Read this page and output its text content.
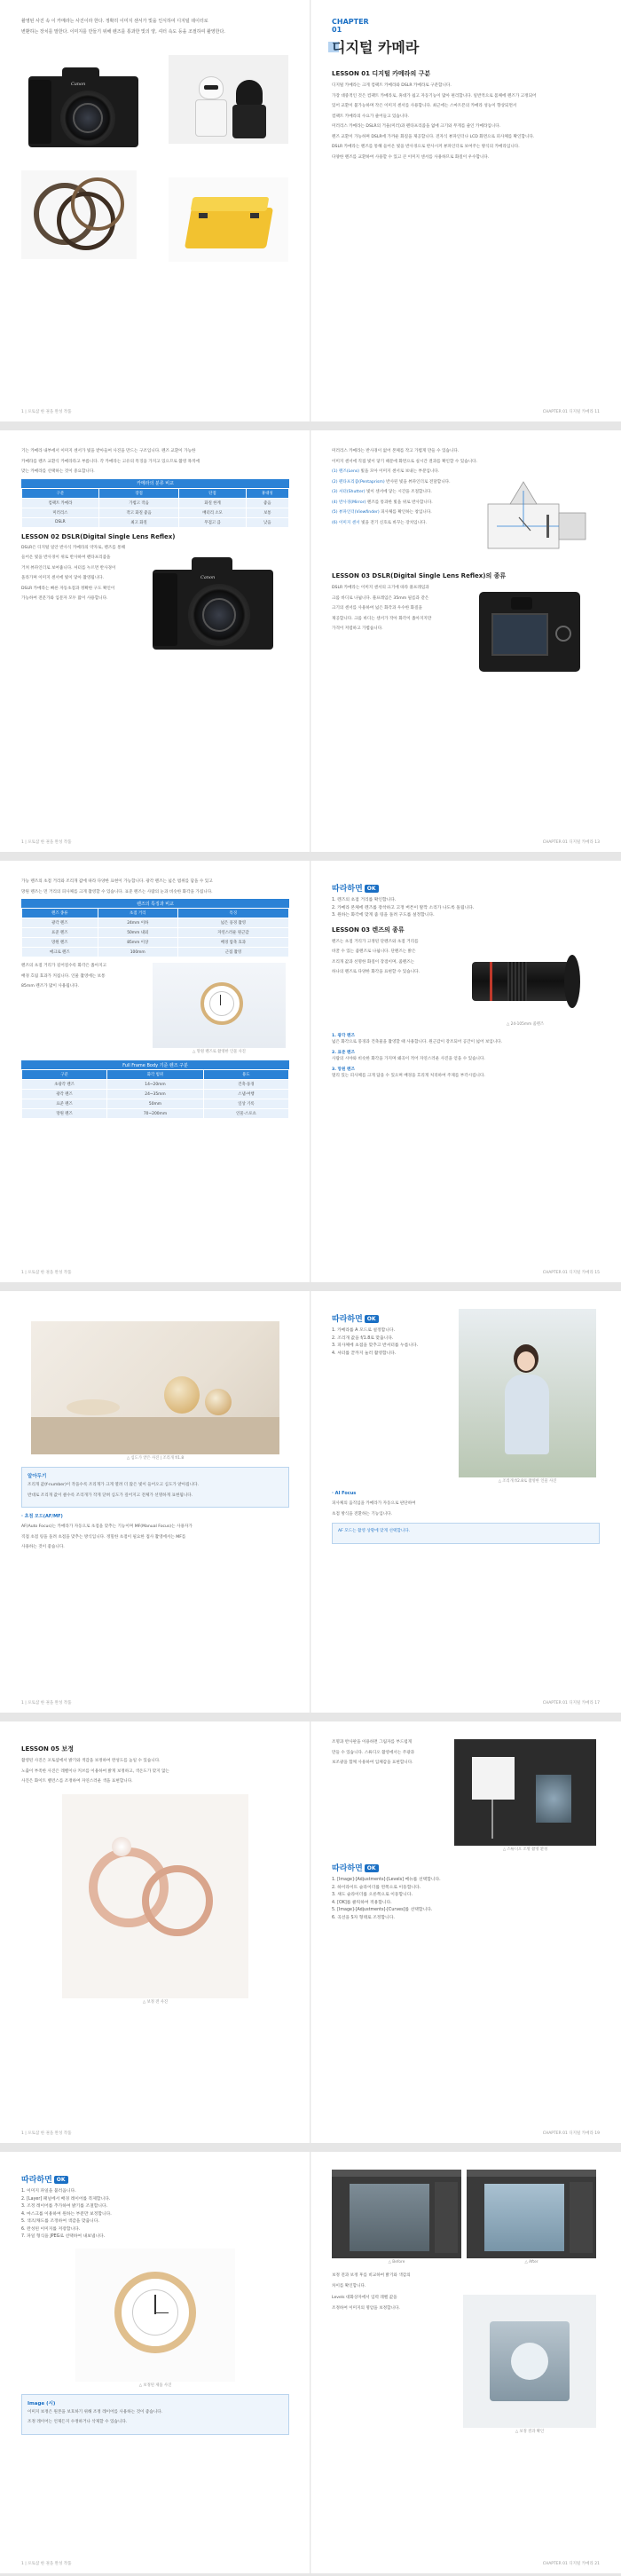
촬영된 사진 속 이 카메라는 사진이라 한다. 정확히 이미지 센서가 빛을 인식하여 디지털 데이터로
변환하는 장치를 말한다. 이미지를 만들기 위해 렌즈를 통과한 빛의 양, 셔터 속도 등을 조절하여 촬영한다.
Canon
1 | 포토샵 한 권을 완성 작품
CHAPTER
01
디지털 카메라
LESSON 01 디지털 카메라의 구분
디지털 카메라는 크게 컴팩트 카메라와 DSLR 카메라로 구분합니다.
가장 대중적인 것은 컴팩트 카메라로, 휴대가 쉽고 자동기능이 많아 편리합니다. 일반적으로 몸체에 렌즈가 고정되어
있어 교환이 불가능하며 작은 이미지 센서를 사용합니다. 최근에는 스마트폰의 카메라 성능이 향상되면서
컴팩트 카메라의 수요가 줄어들고 있습니다.
미러리스 카메라는 DSLR의 거울(미러)과 펜타프리즘을 없애 크기와 무게를 줄인 카메라입니다.
렌즈 교환이 가능하며 DSLR에 가까운 화질을 제공합니다. 전자식 뷰파인더나 LCD 화면으로 피사체를 확인합니다.
DSLR 카메라는 렌즈를 통해 들어온 빛을 반사경으로 반사시켜 뷰파인더로 보여주는 방식의 카메라입니다.
다양한 렌즈를 교환하여 사용할 수 있고 큰 이미지 센서를 사용하므로 화질이 우수합니다.
CHAPTER 01 디지털 카메라 11
기는 카메라 내부에서 이미지 센서가 빛을 받아들여 사진을 만드는 구조입니다. 렌즈 교환이 가능한
카메라를 렌즈 교환식 카메라라고 부릅니다. 각 카메라는 고유의 특징을 가지고 있으므로 촬영 목적에
맞는 카메라를 선택하는 것이 중요합니다.
카메라의 분류 비교
구분	장점	단점	휴대성
컴팩트 카메라	가볍고 작음	화질 한계	좋음
미러리스	작고 화질 좋음	배터리 소모	보통
DSLR	최고 화질	무겁고 큼	낮음
LESSON 02 DSLR(Digital Single Lens Reflex)
DSLR은 디지털 일안 반사식 카메라의 약자로, 렌즈를 통해
들어온 빛을 반사경이 위로 반사하여 펜타프리즘을
거쳐 뷰파인더로 보여줍니다. 셔터를 누르면 반사경이
올라가며 이미지 센서에 빛이 닿아 촬영됩니다.
DSLR 카메라는 빠른 자동초점과 정확한 구도 확인이
가능하여 전문가와 입문자 모두 많이 사용합니다.
Canon
1 | 포토샵 한 권을 완성 작품
미러리스 카메라는 반사경이 없어 본체를 작고 가볍게 만들 수 있습니다.
이미지 센서에 직접 빛이 닿기 때문에 화면으로 실시간 결과를 확인할 수 있습니다.
(1) 렌즈(Lens) 빛을 모아 이미지 센서로 보내는 부분입니다.
(2) 펜타프리즘(Pentaprism) 반사된 빛을 뷰파인더로 전달합니다.
(3) 셔터(Shutter) 빛이 센서에 닿는 시간을 조절합니다.
(4) 반사경(Mirror) 렌즈를 통과한 빛을 위로 반사합니다.
(5) 뷰파인더(Viewfinder) 피사체를 확인하는 창입니다.
(6) 이미지 센서 빛을 전기 신호로 바꾸는 장치입니다.
LESSON 03 DSLR(Digital Single Lens Reflex)의 종류
DSLR 카메라는 이미지 센서의 크기에 따라 풀프레임과
크롭 바디로 나뉩니다. 풀프레임은 35mm 필름과 같은
크기의 센서를 사용하여 넓은 화각과 우수한 화질을
제공합니다. 크롭 바디는 센서가 작아 화각이 좁아지지만
가격이 저렴하고 가볍습니다.
CHAPTER 01 디지털 카메라 13
가능 렌즈의 초점 거리와 조리개 값에 따라 다양한 표현이 가능합니다. 광각 렌즈는 넓은 범위를 담을 수 있고
망원 렌즈는 먼 거리의 피사체를 크게 촬영할 수 있습니다. 표준 렌즈는 사람의 눈과 비슷한 화각을 가집니다.
렌즈의 특징과 비교
렌즈 종류	초점 거리	특징
광각 렌즈	24mm 이하	넓은 풍경 촬영
표준 렌즈	50mm 내외	자연스러운 원근감
망원 렌즈	85mm 이상	배경 압축 효과
매크로 렌즈	100mm	근접 촬영
렌즈의 초점 거리가 길어질수록 화각은 좁아지고
배경 흐림 효과가 커집니다. 인물 촬영에는 보통
85mm 렌즈가 많이 사용됩니다.
△ 망원 렌즈로 촬영한 인물 사진
Full Frame Body 기준 렌즈 구분
구분	화각 범위	용도
초광각 렌즈	14~20mm	건축·풍경
광각 렌즈	24~35mm	스냅·여행
표준 렌즈	50mm	일상 기록
망원 렌즈	70~200mm	인물·스포츠
1 | 포토샵 한 권을 완성 작품
따라하면 OK
1. 렌즈의 초점 거리를 확인합니다.
2. 카메라 본체에 렌즈를 장착하고 고정 버튼이 딸깍 소리가 나도록 돌립니다.
3. 원하는 화각에 맞게 줌 링을 돌려 구도를 설정합니다.
LESSON 03 렌즈의 종류
렌즈는 초점 거리가 고정된 단렌즈와 초점 거리를
바꿀 수 있는 줌렌즈로 나뉩니다. 단렌즈는 밝은
조리개 값과 선명한 화질이 장점이며, 줌렌즈는
하나의 렌즈로 다양한 화각을 표현할 수 있습니다.
△ 24-105mm 줌렌즈
1. 광각 렌즈
넓은 화각으로 풍경과 건축물을 촬영할 때 사용합니다. 원근감이 강조되어 공간이 넓어 보입니다.
2. 표준 렌즈
사람의 시야와 비슷한 화각을 가지며 왜곡이 적어 자연스러운 사진을 얻을 수 있습니다.
3. 망원 렌즈
멀리 있는 피사체를 크게 담을 수 있으며 배경을 흐리게 처리하여 주제를 부각시킵니다.
CHAPTER 01 디지털 카메라 15
△ 심도가 얕은 사진 | 조리개 f/1.8
알아두기
조리개 값(f-number)이 작을수록 조리개가 크게 열려 더 많은 빛이 들어오고 심도가 얕아집니다.
반대로 조리개 값이 클수록 조리개가 작게 닫혀 심도가 깊어지고 전체가 선명하게 표현됩니다.
· 초점 모드(AF/MF)
AF(Auto Focus)는 카메라가 자동으로 초점을 맞추는 기능이며 MF(Manual Focus)는 사용자가
직접 초점 링을 돌려 초점을 맞추는 방식입니다. 정밀한 초점이 필요한 접사 촬영에서는 MF를
사용하는 것이 좋습니다.
1 | 포토샵 한 권을 완성 작품
따라하면 OK
1. 카메라를 A 모드로 설정합니다.
2. 조리개 값을 f/1.8로 맞춥니다.
3. 피사체에 초점을 맞추고 반셔터를 누릅니다.
4. 셔터를 끝까지 눌러 촬영합니다.
△ 조리개 f/2.8로 촬영한 인물 사진
· AI Focus
피사체의 움직임을 카메라가 자동으로 판단하여
초점 방식을 전환하는 기능입니다.
AF 모드는 촬영 상황에 맞게 선택합니다.
CHAPTER 01 디지털 카메라 17
LESSON 05 보정
촬영된 사진은 포토샵에서 밝기와 색감을 보정하여 완성도를 높일 수 있습니다.
노출이 부족한 사진은 레벨이나 커브를 이용하여 밝게 보정하고, 색온도가 맞지 않는
사진은 화이트 밸런스를 조정하여 자연스러운 색을 표현합니다.
△ 보정 전 사진
1 | 포토샵 한 권을 완성 작품
조명과 반사판을 이용하면 그림자를 부드럽게
만들 수 있습니다. 스튜디오 촬영에서는 주광과
보조광을 함께 사용하여 입체감을 표현합니다.
△ 스튜디오 조명 촬영 환경
따라하면 OK
1. [Image]-[Adjustments]-[Levels] 메뉴를 선택합니다.
2. 하이라이트 슬라이더를 왼쪽으로 이동합니다.
3. 섀도 슬라이더를 오른쪽으로 이동합니다.
4. [OK]를 클릭하여 적용합니다.
5. [Image]-[Adjustments]-[Curves]를 선택합니다.
6. 곡선을 S자 형태로 조정합니다.
CHAPTER 01 디지털 카메라 19
따라하면 OK
1. 이미지 파일을 불러옵니다.
2. [Layer] 패널에서 배경 레이어를 복제합니다.
3. 조정 레이어를 추가하여 밝기를 조절합니다.
4. 마스크를 이용하여 원하는 부분만 보정합니다.
5. 색조/채도를 조정하여 색감을 맞춥니다.
6. 완성된 이미지를 저장합니다.
7. 파일 형식을 JPEG로 선택하여 내보냅니다.
△ 보정된 제품 사진
Image (시)
이미지 보정은 원본을 보호하기 위해 조정 레이어를 사용하는 것이 좋습니다.
조정 레이어는 언제든지 수정하거나 삭제할 수 있습니다.
1 | 포토샵 한 권을 완성 작품
△ Before	△ After
보정 전과 보정 후를 비교하여 밝기와 색감의
차이를 확인합니다.
Levels 대화상자에서 입력 레벨 값을
조정하여 이미지의 명암을 보정합니다.
△ 보정 결과 확인
CHAPTER 01 디지털 카메라 21
